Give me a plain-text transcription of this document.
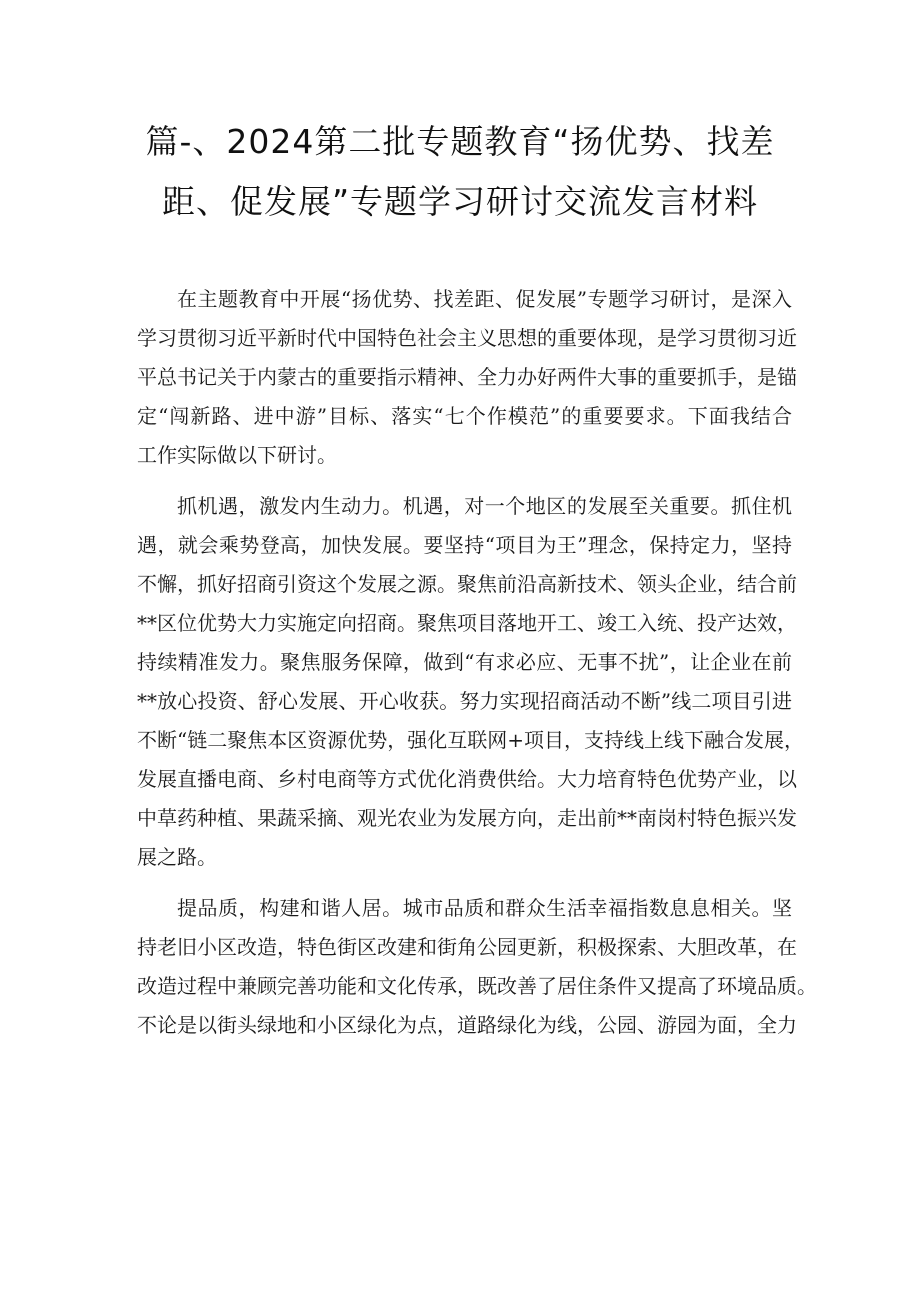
篇-、2024第二批专题教育“扬优势、找差
距、促发展”专题学习研讨交流发言材料

在主题教育中开展“扬优势、找差距、促发展”专题学习研讨，是深入
学习贯彻习近平新时代中国特色社会主义思想的重要体现，是学习贯彻习近
平总书记关于内蒙古的重要指示精神、全力办好两件大事的重要抓手，是锚
定“闯新路、进中游”目标、落实“七个作模范”的重要要求。下面我结合
工作实际做以下研讨。

抓机遇，激发内生动力。机遇，对一个地区的发展至关重要。抓住机
遇，就会乘势登高，加快发展。要坚持“项目为王”理念，保持定力，坚持
不懈，抓好招商引资这个发展之源。聚焦前沿高新技术、领头企业，结合前
**区位优势大力实施定向招商。聚焦项目落地开工、竣工入统、投产达效，
持续精准发力。聚焦服务保障，做到“有求必应、无事不扰”，让企业在前
**放心投资、舒心发展、开心收获。努力实现招商活动不断”线二项目引进
不断“链二聚焦本区资源优势，强化互联网+项目，支持线上线下融合发展，
发展直播电商、乡村电商等方式优化消费供给。大力培育特色优势产业，以
中草药种植、果蔬采摘、观光农业为发展方向，走出前**南岗村特色振兴发
展之路。

提品质，构建和谐人居。城市品质和群众生活幸福指数息息相关。坚
持老旧小区改造，特色街区改建和街角公园更新，积极探索、大胆改革，在
改造过程中兼顾完善功能和文化传承，既改善了居住条件又提高了环境品质。
不论是以街头绿地和小区绿化为点，道路绿化为线，公园、游园为面，全力
